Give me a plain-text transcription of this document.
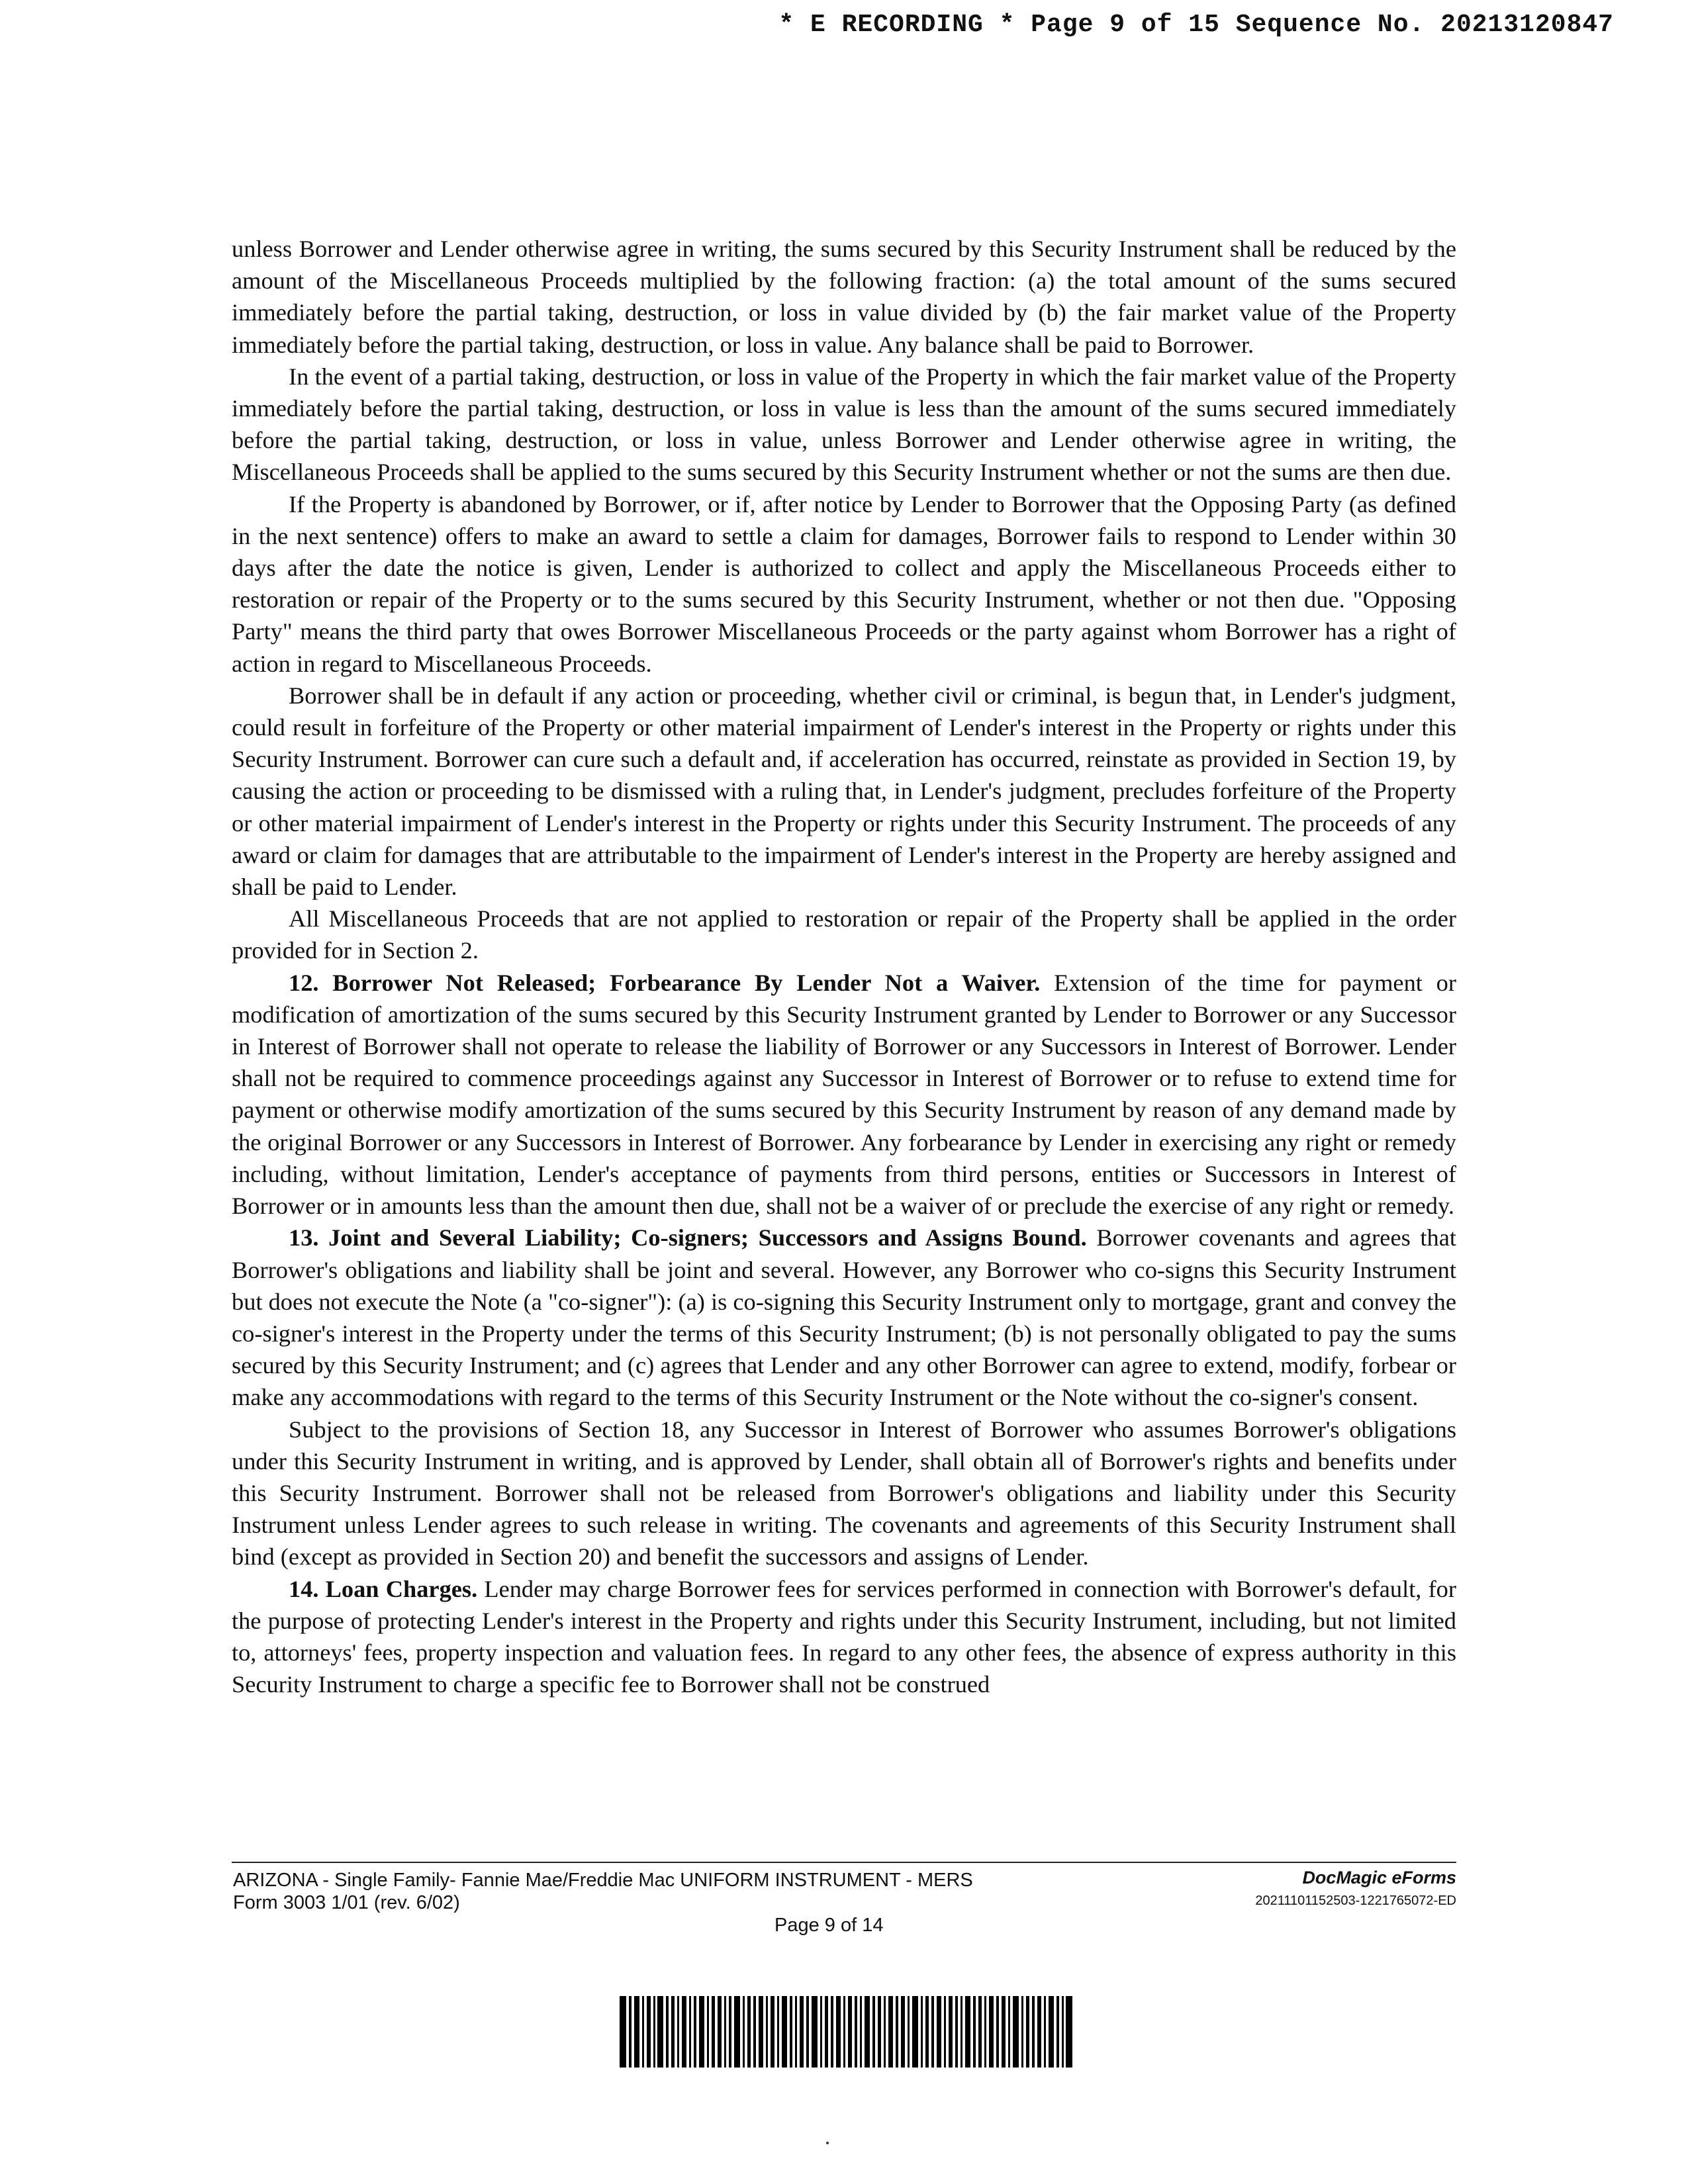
* E RECORDING * Page 9 of 15 Sequence No. 20213120847

unless Borrower and Lender otherwise agree in writing, the sums secured by this Security Instrument shall be reduced by the amount of the Miscellaneous Proceeds multiplied by the following fraction: (a) the total amount of the sums secured immediately before the partial taking, destruction, or loss in value divided by (b) the fair market value of the Property immediately before the partial taking, destruction, or loss in value. Any balance shall be paid to Borrower.

In the event of a partial taking, destruction, or loss in value of the Property in which the fair market value of the Property immediately before the partial taking, destruction, or loss in value is less than the amount of the sums secured immediately before the partial taking, destruction, or loss in value, unless Borrower and Lender otherwise agree in writing, the Miscellaneous Proceeds shall be applied to the sums secured by this Security Instrument whether or not the sums are then due.

If the Property is abandoned by Borrower, or if, after notice by Lender to Borrower that the Opposing Party (as defined in the next sentence) offers to make an award to settle a claim for damages, Borrower fails to respond to Lender within 30 days after the date the notice is given, Lender is authorized to collect and apply the Miscellaneous Proceeds either to restoration or repair of the Property or to the sums secured by this Security Instrument, whether or not then due. "Opposing Party" means the third party that owes Borrower Miscellaneous Proceeds or the party against whom Borrower has a right of action in regard to Miscellaneous Proceeds.

Borrower shall be in default if any action or proceeding, whether civil or criminal, is begun that, in Lender's judgment, could result in forfeiture of the Property or other material impairment of Lender's interest in the Property or rights under this Security Instrument. Borrower can cure such a default and, if acceleration has occurred, reinstate as provided in Section 19, by causing the action or proceeding to be dismissed with a ruling that, in Lender's judgment, precludes forfeiture of the Property or other material impairment of Lender's interest in the Property or rights under this Security Instrument. The proceeds of any award or claim for damages that are attributable to the impairment of Lender's interest in the Property are hereby assigned and shall be paid to Lender.

All Miscellaneous Proceeds that are not applied to restoration or repair of the Property shall be applied in the order provided for in Section 2.

12. Borrower Not Released; Forbearance By Lender Not a Waiver. Extension of the time for payment or modification of amortization of the sums secured by this Security Instrument granted by Lender to Borrower or any Successor in Interest of Borrower shall not operate to release the liability of Borrower or any Successors in Interest of Borrower. Lender shall not be required to commence proceedings against any Successor in Interest of Borrower or to refuse to extend time for payment or otherwise modify amortization of the sums secured by this Security Instrument by reason of any demand made by the original Borrower or any Successors in Interest of Borrower. Any forbearance by Lender in exercising any right or remedy including, without limitation, Lender's acceptance of payments from third persons, entities or Successors in Interest of Borrower or in amounts less than the amount then due, shall not be a waiver of or preclude the exercise of any right or remedy.

13. Joint and Several Liability; Co-signers; Successors and Assigns Bound. Borrower covenants and agrees that Borrower's obligations and liability shall be joint and several. However, any Borrower who co-signs this Security Instrument but does not execute the Note (a "co-signer"): (a) is co-signing this Security Instrument only to mortgage, grant and convey the co-signer's interest in the Property under the terms of this Security Instrument; (b) is not personally obligated to pay the sums secured by this Security Instrument; and (c) agrees that Lender and any other Borrower can agree to extend, modify, forbear or make any accommodations with regard to the terms of this Security Instrument or the Note without the co-signer's consent.

Subject to the provisions of Section 18, any Successor in Interest of Borrower who assumes Borrower's obligations under this Security Instrument in writing, and is approved by Lender, shall obtain all of Borrower's rights and benefits under this Security Instrument. Borrower shall not be released from Borrower's obligations and liability under this Security Instrument unless Lender agrees to such release in writing. The covenants and agreements of this Security Instrument shall bind (except as provided in Section 20) and benefit the successors and assigns of Lender.

14. Loan Charges. Lender may charge Borrower fees for services performed in connection with Borrower's default, for the purpose of protecting Lender's interest in the Property and rights under this Security Instrument, including, but not limited to, attorneys' fees, property inspection and valuation fees. In regard to any other fees, the absence of express authority in this Security Instrument to charge a specific fee to Borrower shall not be construed

ARIZONA - Single Family- Fannie Mae/Freddie Mac UNIFORM INSTRUMENT - MERS
Form 3003 1/01 (rev. 6/02)
Page 9 of 14
DocMagic eForms
20211101152503-1221765072-ED
